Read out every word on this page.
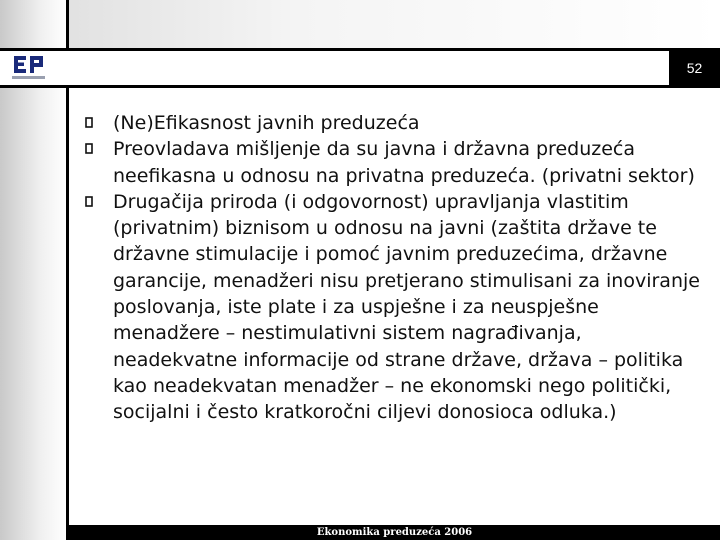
52
(Ne)Efikasnost javnih preduzeća
Preovladava mišljenje da su javna i državna preduzeća neefikasna u odnosu na privatna preduzeća. (privatni sektor)
Drugačija priroda (i odgovornost) upravljanja vlastitim (privatnim) biznisom u odnosu na javni (zaštita države te državne stimulacije i pomoć javnim preduzećima, državne garancije, menadžeri nisu pretjerano stimulisani za inoviranje poslovanja, iste plate i za uspješne i za neuspješne menadžere – nestimulativni sistem nagrađivanja, neadekvatne informacije od strane države, država – politika kao neadekvatan menadžer – ne ekonomski nego politički, socijalni i često kratkoročni ciljevi donosioca odluka.)
Ekonomika preduzeća 2006
